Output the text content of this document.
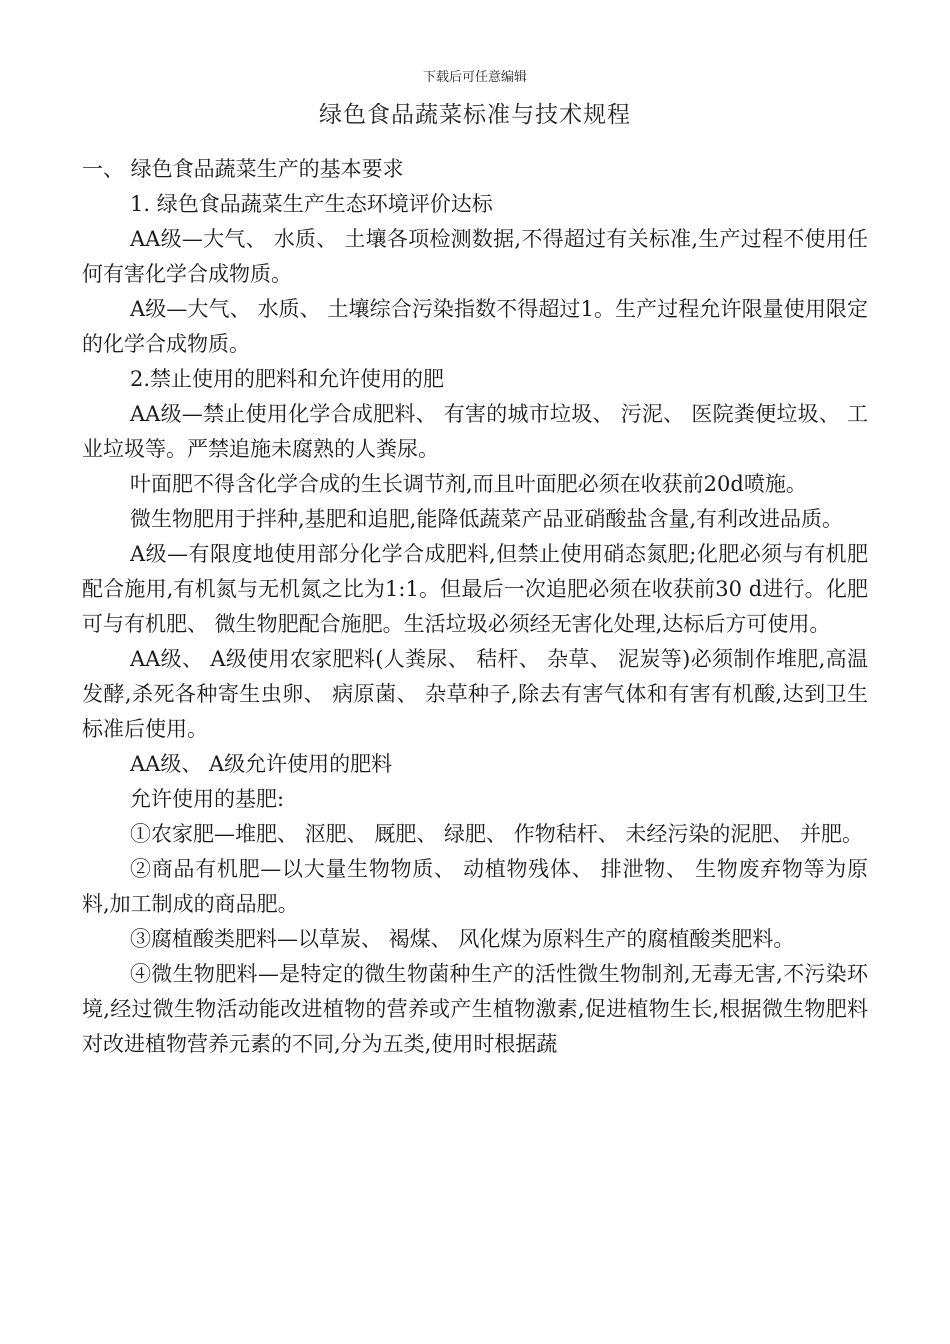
下载后可任意编辑
绿色食品蔬菜标准与技术规程

一、 绿色食品蔬菜生产的基本要求

1. 绿色食品蔬菜生产生态环境评价达标

AA级—大气、 水质、 土壤各项检测数据,不得超过有关标准,生产过程不使用任何有害化学合成物质。

A级—大气、 水质、 土壤综合污染指数不得超过1。生产过程允许限量使用限定的化学合成物质。

2.禁止使用的肥料和允许使用的肥

AA级—禁止使用化学合成肥料、 有害的城市垃圾、 污泥、 医院粪便垃圾、 工业垃圾等。严禁追施未腐熟的人粪尿。

叶面肥不得含化学合成的生长调节剂,而且叶面肥必须在收获前20d喷施。

微生物肥用于拌种,基肥和追肥,能降低蔬菜产品亚硝酸盐含量,有利改进品质。

A级—有限度地使用部分化学合成肥料,但禁止使用硝态氮肥;化肥必须与有机肥配合施用,有机氮与无机氮之比为1:1。但最后一次追肥必须在收获前30 d进行。化肥可与有机肥、 微生物肥配合施肥。生活垃圾必须经无害化处理,达标后方可使用。

AA级、 A级使用农家肥料(人粪尿、 秸杆、 杂草、 泥炭等)必须制作堆肥,高温发酵,杀死各种寄生虫卵、 病原菌、 杂草种子,除去有害气体和有害有机酸,达到卫生标准后使用。

AA级、 A级允许使用的肥料

允许使用的基肥:

①农家肥—堆肥、 沤肥、 厩肥、 绿肥、 作物秸杆、 未经污染的泥肥、 并肥。

②商品有机肥—以大量生物物质、 动植物残体、 排泄物、 生物废弃物等为原料,加工制成的商品肥。

③腐植酸类肥料—以草炭、 褐煤、 风化煤为原料生产的腐植酸类肥料。

④微生物肥料—是特定的微生物菌种生产的活性微生物制剂,无毒无害,不污染环境,经过微生物活动能改进植物的营养或产生植物激素,促进植物生长,根据微生物肥料对改进植物营养元素的不同,分为五类,使用时根据蔬
